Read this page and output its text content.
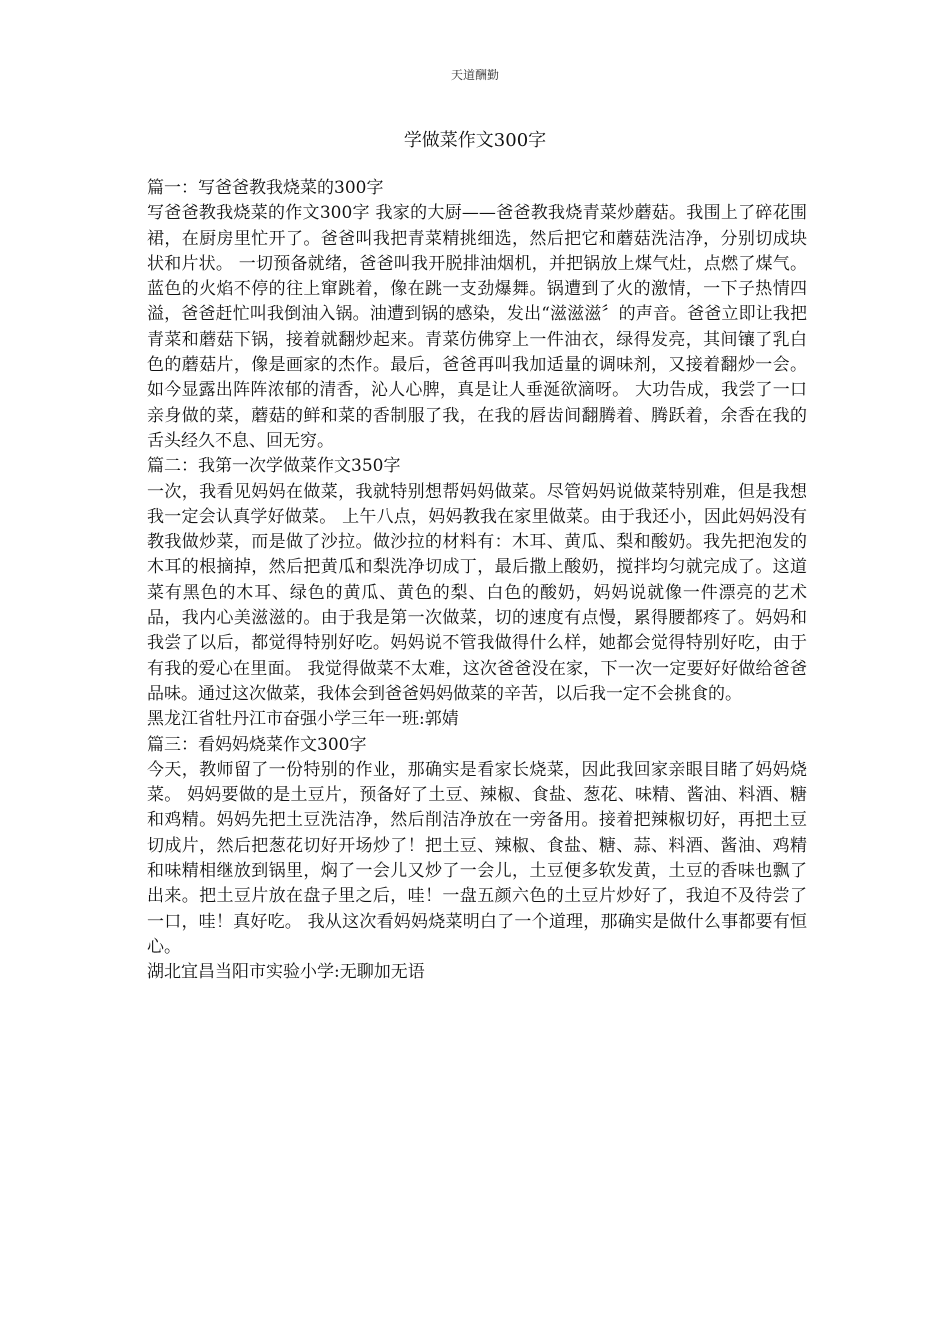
天道酬勤
学做菜作文300字

篇一：写爸爸教我烧菜的300字

写爸爸教我烧菜的作文300字 我家的大厨——爸爸教我烧青菜炒蘑菇。我围上了碎花围裙，在厨房里忙开了。爸爸叫我把青菜精挑细选，然后把它和蘑菇洗洁净，分别切成块状和片状。 一切预备就绪，爸爸叫我开脱排油烟机，并把锅放上煤气灶，点燃了煤气。蓝色的火焰不停的往上窜跳着，像在跳一支劲爆舞。锅遭到了火的激情，一下子热情四溢，爸爸赶忙叫我倒油入锅。油遭到锅的感染，发出“滋滋滋〞的声音。爸爸立即让我把青菜和蘑菇下锅，接着就翻炒起来。青菜仿佛穿上一件油衣，绿得发亮，其间镶了乳白色的蘑菇片，像是画家的杰作。最后，爸爸再叫我加适量的调味剂，又接着翻炒一会。如今显露出阵阵浓郁的清香，沁人心脾，真是让人垂涎欲滴呀。 大功告成，我尝了一口亲身做的菜，蘑菇的鲜和菜的香制服了我，在我的唇齿间翻腾着、腾跃着，余香在我的舌头经久不息、回无穷。

篇二：我第一次学做菜作文350字

一次，我看见妈妈在做菜，我就特别想帮妈妈做菜。尽管妈妈说做菜特别难，但是我想我一定会认真学好做菜。 上午八点，妈妈教我在家里做菜。由于我还小，因此妈妈没有教我做炒菜，而是做了沙拉。做沙拉的材料有：木耳、黄瓜、梨和酸奶。我先把泡发的木耳的根摘掉，然后把黄瓜和梨洗净切成丁，最后撒上酸奶，搅拌均匀就完成了。这道菜有黑色的木耳、绿色的黄瓜、黄色的梨、白色的酸奶，妈妈说就像一件漂亮的艺术品，我内心美滋滋的。由于我是第一次做菜，切的速度有点慢，累得腰都疼了。妈妈和我尝了以后，都觉得特别好吃。妈妈说不管我做得什么样，她都会觉得特别好吃，由于有我的爱心在里面。 我觉得做菜不太难，这次爸爸没在家，下一次一定要好好做给爸爸品味。通过这次做菜，我体会到爸爸妈妈做菜的辛苦，以后我一定不会挑食的。

黑龙江省牡丹江市奋强小学三年一班:郭婧

篇三：看妈妈烧菜作文300字

今天，教师留了一份特别的作业，那确实是看家长烧菜，因此我回家亲眼目睹了妈妈烧菜。 妈妈要做的是土豆片，预备好了土豆、辣椒、食盐、葱花、味精、酱油、料酒、糖和鸡精。妈妈先把土豆洗洁净，然后削洁净放在一旁备用。接着把辣椒切好，再把土豆切成片，然后把葱花切好开场炒了！把土豆、辣椒、食盐、糖、蒜、料酒、酱油、鸡精和味精相继放到锅里，焖了一会儿又炒了一会儿，土豆便多软发黄，土豆的香味也飘了出来。把土豆片放在盘子里之后，哇！一盘五颜六色的土豆片炒好了，我迫不及待尝了一口，哇！真好吃。 我从这次看妈妈烧菜明白了一个道理，那确实是做什么事都要有恒心。

湖北宜昌当阳市实验小学:无聊加无语
